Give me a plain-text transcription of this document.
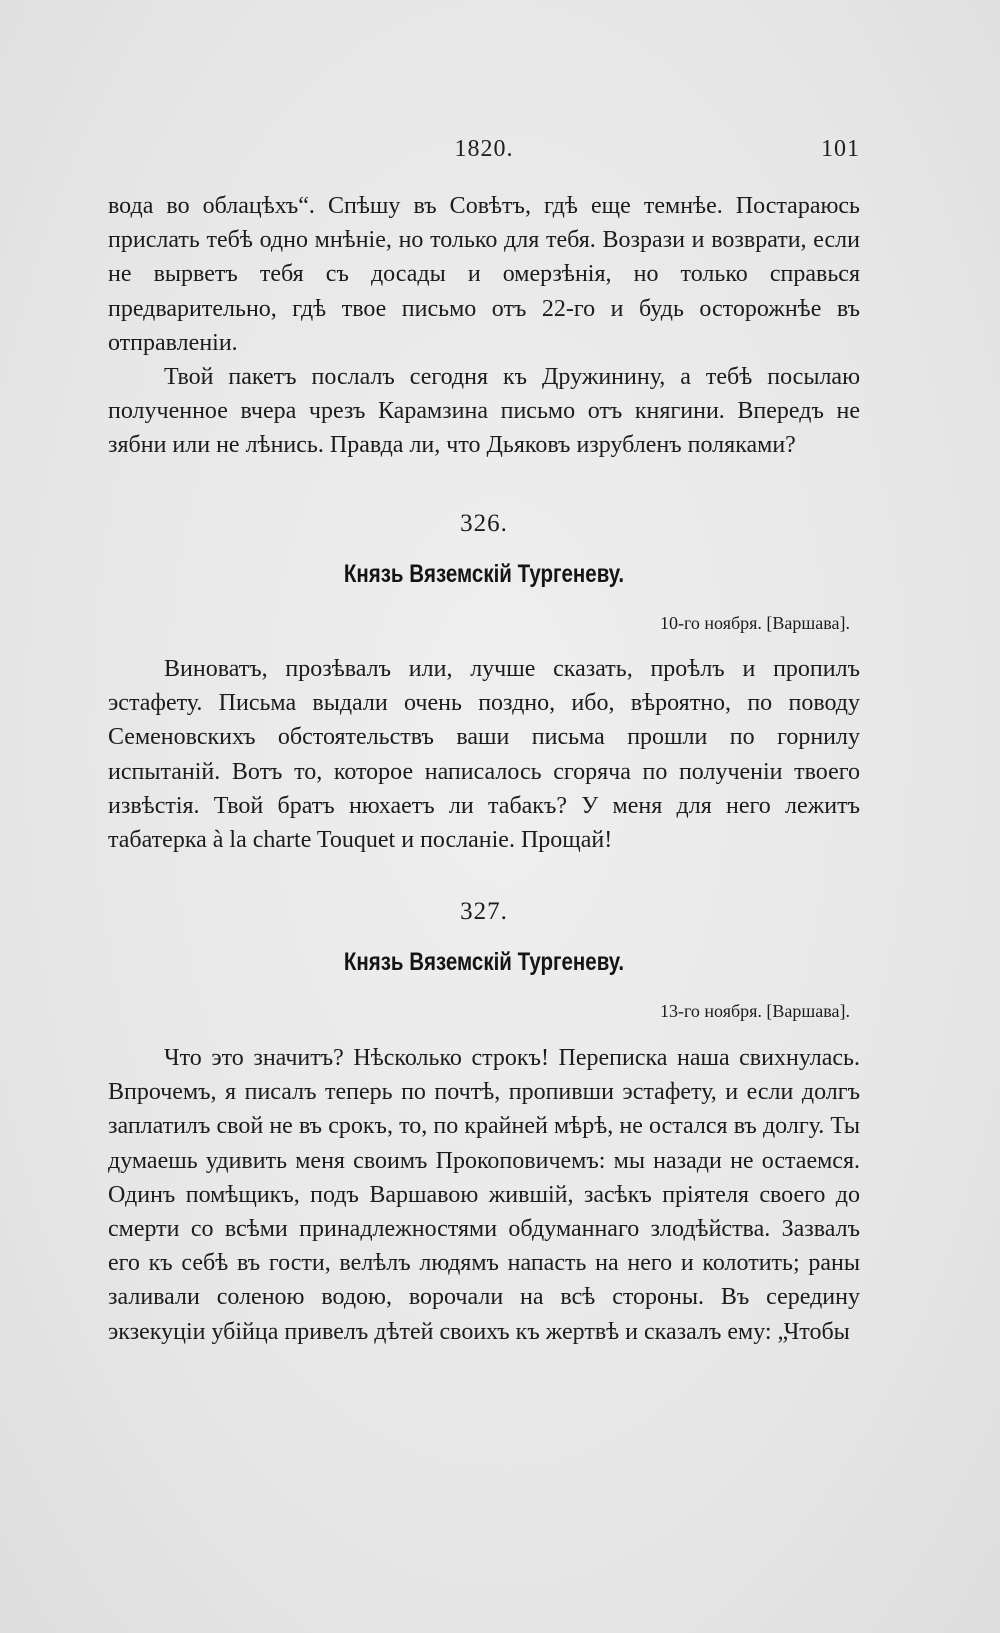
1820.	101

вода во облацѣхъ“. Спѣшу въ Совѣтъ, гдѣ еще темнѣе. Постараюсь прислать тебѣ одно мнѣніе, но только для тебя. Возрази и возврати, если не вырветъ тебя съ досады и омерзѣнія, но только справься предварительно, гдѣ твое письмо отъ 22-го и будь осторожнѣе въ отправленіи.

Твой пакетъ послалъ сегодня къ Дружинину, а тебѣ посылаю полученное вчера чрезъ Карамзина письмо отъ княгини. Впередъ не зябни или не лѣнись. Правда ли, что Дьяковъ изрубленъ поляками?

326.
Князь Вяземскій Тургеневу.
10-го ноября. [Варшава].

Виноватъ, прозѣвалъ или, лучше сказать, проѣлъ и пропилъ эстафету. Письма выдали очень поздно, ибо, вѣроятно, по поводу Семеновскихъ обстоятельствъ ваши письма прошли по горнилу испытаній. Вотъ то, которое написалось сгоряча по полученіи твоего извѣстія. Твой братъ нюхаетъ ли табакъ? У меня для него лежитъ табатерка à la charte Touquet и посланіе. Прощай!

327.
Князь Вяземскій Тургеневу.
13-го ноября. [Варшава].

Что это значитъ? Нѣсколько строкъ! Переписка наша свихнулась. Впрочемъ, я писалъ теперь по почтѣ, пропивши эстафету, и если долгъ заплатилъ свой не въ срокъ, то, по крайней мѣрѣ, не остался въ долгу. Ты думаешь удивить меня своимъ Прокоповичемъ: мы назади не остаемся. Одинъ помѣщикъ, подъ Варшавою жившій, засѣкъ пріятеля своего до смерти со всѣми принадлежностями обдуманнаго злодѣйства. Зазвалъ его къ себѣ въ гости, велѣлъ людямъ напасть на него и колотить; раны заливали соленою водою, ворочали на всѣ стороны. Въ середину экзекуціи убійца привелъ дѣтей своихъ къ жертвѣ и сказалъ ему: „Чтобы
